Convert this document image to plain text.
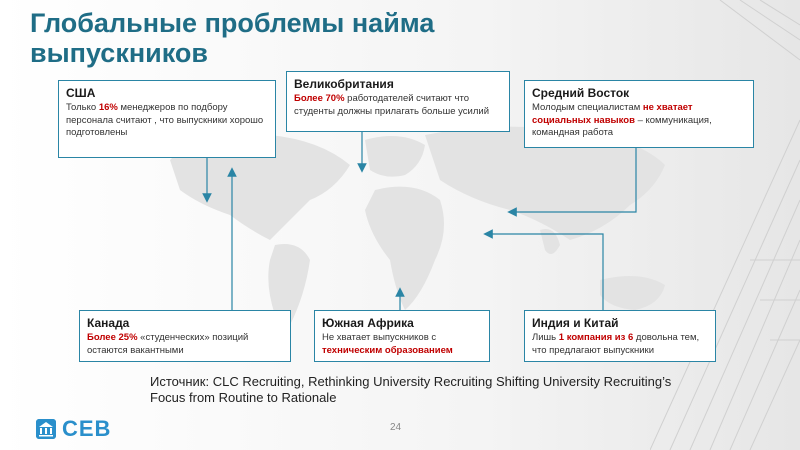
Глобальные проблемы найма выпускников
США
Только 16% менеджеров по подбору персонала считают , что выпускники хорошо подготовлены
Великобритания
Более 70% работодателей считают что студенты должны прилагать больше усилий
Средний Восток
Молодым специалистам не хватает социальных навыков – коммуникация, командная работа
Канада
Более 25% «студенческих» позиций остаются вакантными
Южная Африка
Не хватает выпускников с техническим образованием
Индия и Китай
Лишь 1 компания из 6 довольна тем, что предлагают выпускники
Источник: CLC Recruiting, Rethinking University Recruiting Shifting University Recruiting’s Focus from Routine to Rationale
CEB	24
